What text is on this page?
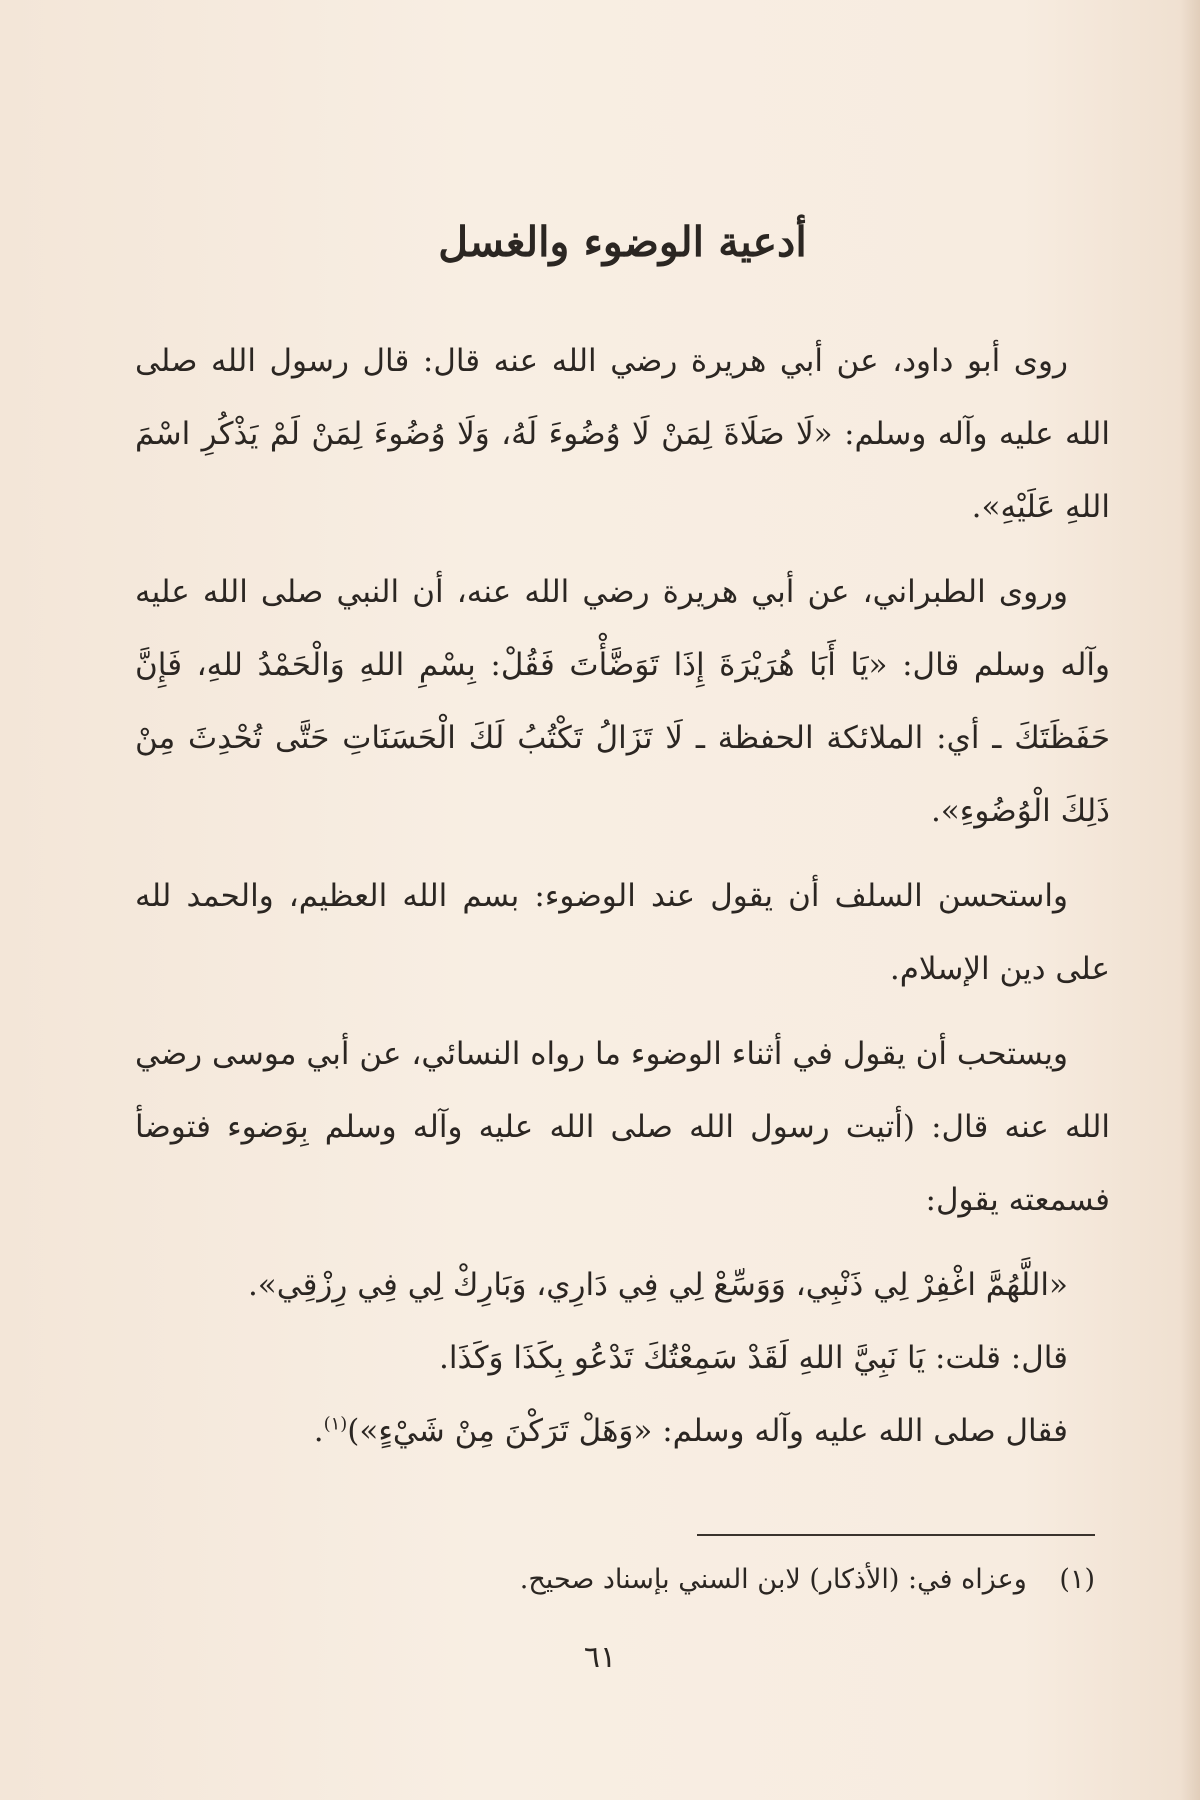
أدعية الوضوء والغسل

روى أبو داود، عن أبي هريرة رضي الله عنه قال: قال رسول الله صلى الله عليه وآله وسلم: «لَا صَلَاةَ لِمَنْ لَا وُضُوءَ لَهُ، وَلَا وُضُوءَ لِمَنْ لَمْ يَذْكُرِ اسْمَ اللهِ عَلَيْهِ».

وروى الطبراني، عن أبي هريرة رضي الله عنه، أن النبي صلى الله عليه وآله وسلم قال: «يَا أَبَا هُرَيْرَةَ إِذَا تَوَضَّأْتَ فَقُلْ: بِسْمِ اللهِ وَالْحَمْدُ للهِ، فَإِنَّ حَفَظَتَكَ ـ أي: الملائكة الحفظة ـ لَا تَزَالُ تَكْتُبُ لَكَ الْحَسَنَاتِ حَتَّى تُحْدِثَ مِنْ ذَلِكَ الْوُضُوءِ».

واستحسن السلف أن يقول عند الوضوء: بسم الله العظيم، والحمد لله على دين الإسلام.

ويستحب أن يقول في أثناء الوضوء ما رواه النسائي، عن أبي موسى رضي الله عنه قال: (أتيت رسول الله صلى الله عليه وآله وسلم بِوَضوء فتوضأ فسمعته يقول:

«اللَّهُمَّ اغْفِرْ لِي ذَنْبِي، وَوَسِّعْ لِي فِي دَارِي، وَبَارِكْ لِي فِي رِزْقِي».

قال: قلت: يَا نَبِيَّ اللهِ لَقَدْ سَمِعْتُكَ تَدْعُو بِكَذَا وَكَذَا.

فقال صلى الله عليه وآله وسلم: «وَهَلْ تَرَكْنَ مِنْ شَيْءٍ»)$^{(١)}$.

(١) وعزاه في: (الأذكار) لابن السني بإسناد صحيح.
٦١
